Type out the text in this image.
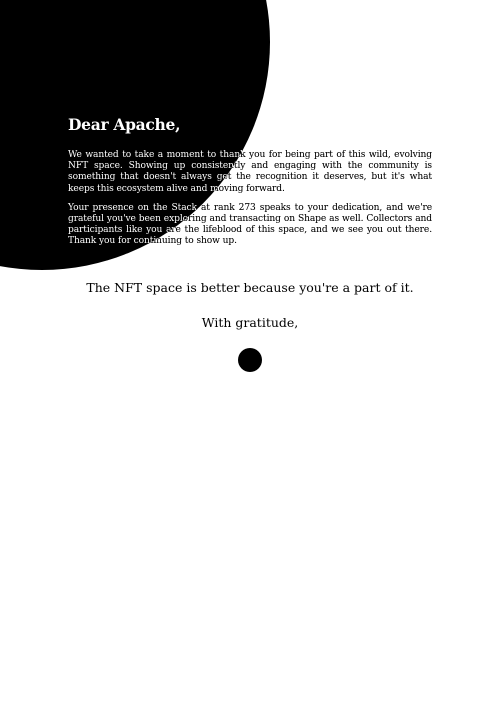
Dear Apache,

We wanted to take a moment to thank you for being part of this wild, evolving NFT space. Showing up consistently and engaging with the community is something that doesn't always get the recognition it deserves, but it's what keeps this ecosystem alive and moving forward.

Your presence on the Stack at rank 273 speaks to your dedication, and we're grateful you've been exploring and transacting on Shape as well. Collectors and participants like you are the lifeblood of this space, and we see you out there. Thank you for continuing to show up.

The NFT space is better because you're a part of it.

With gratitude,
